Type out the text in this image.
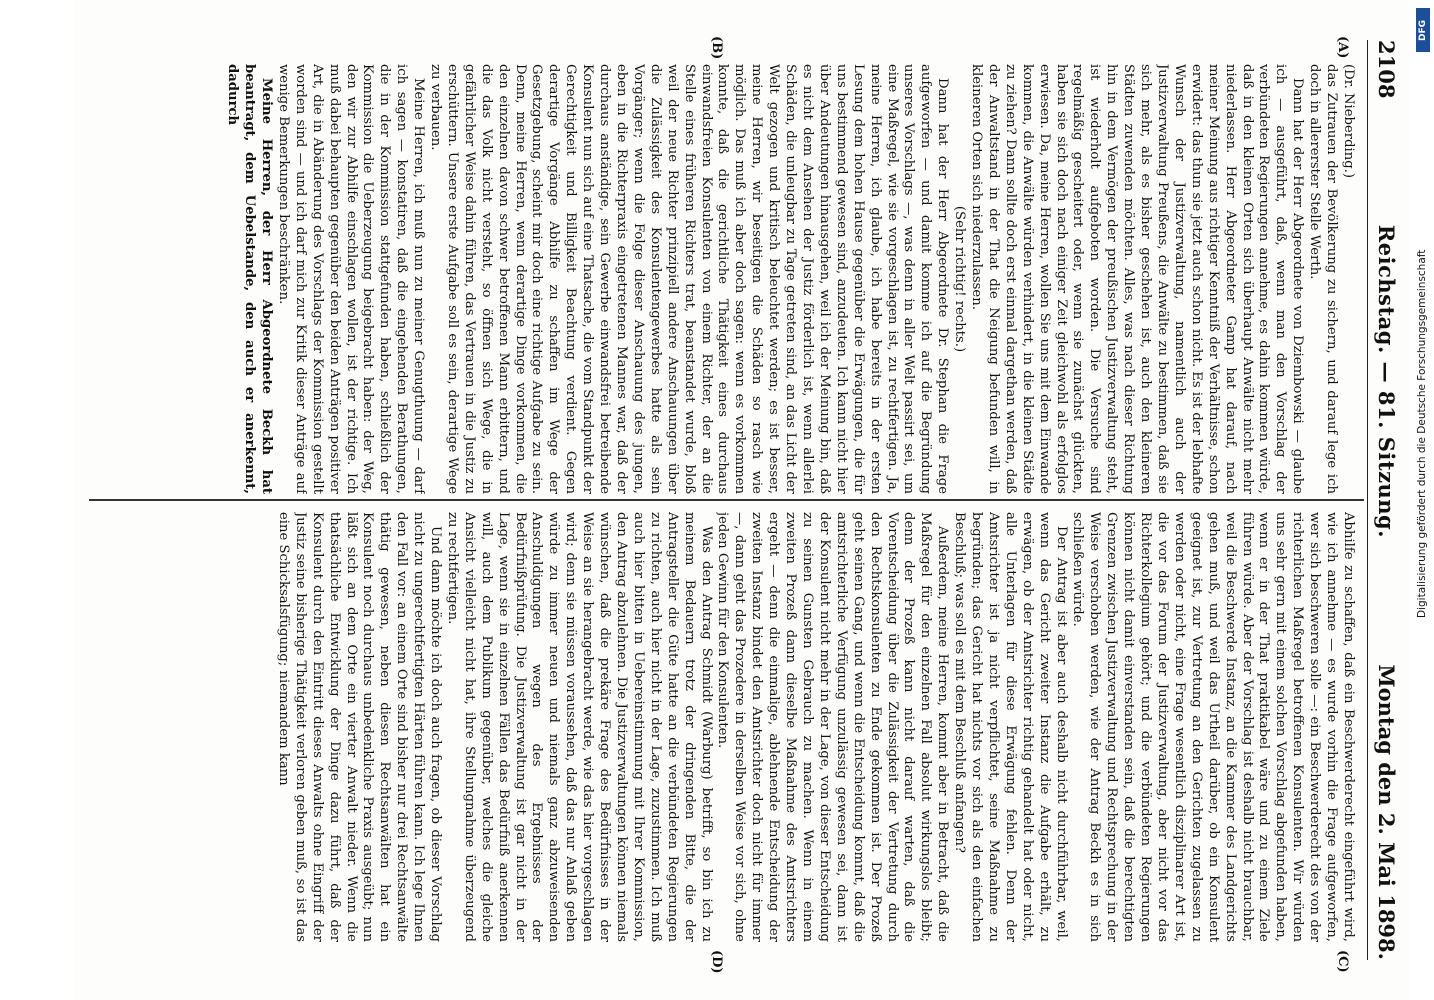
2108
Reichstag. — 81. Sitzung.
Montag den 2. Mai 1898.
(A)
(B)
(C)
(D)

(Dr. Nieberding.)

das Zutrauen der Bevölkerung zu sichern, und darauf lege ich doch in allererster Stelle Werth.

Dann hat der Herr Abgeordnete von Dziembowski — glaube ich — ausgeführt, daß, wenn man den Vorschlag der verbündeten Regierungen annehme, es dahin kommen würde, daß in den kleinen Orten sich überhaupt Anwälte nicht mehr niederlassen. Herr Abgeordneter Gamp hat darauf, nach meiner Meinung aus richtiger Kenntniß der Verhältnisse, schon erwidert: das thun sie jetzt auch schon nicht. Es ist der lebhafte Wunsch der Justizverwaltung, namentlich auch der Justizverwaltung Preußens, die Anwälte zu bestimmen, daß sie sich mehr, als es bisher geschehen ist, auch den kleineren Städten zuwenden möchten. Alles, was nach dieser Richtung hin in dem Vermögen der preußischen Justizverwaltung steht, ist wiederholt aufgeboten worden. Die Versuche sind regelmäßig gescheitert oder, wenn sie zunächst glückten, haben sie sich doch nach einiger Zeit gleichwohl als erfolglos erwiesen. Da, meine Herren, wollen Sie uns mit dem Einwande kommen, die Anwälte würden verhindert, in die kleinen Städte zu ziehen? Dann sollte doch erst einmal dargethan werden, daß der Anwaltstand in der That die Neigung befunden will, in kleineren Orten sich niederzulassen.

(Sehr richtig! rechts.)

Dann hat der Herr Abgeordnete Dr. Stephan die Frage aufgeworfen — und damit komme ich auf die Begründung unseres Vorschlags —, was denn in aller Welt passirt sei, um eine Maßregel, wie sie vorgeschlagen ist, zu rechtfertigen. Ja, meine Herren, ich glaube, ich habe bereits in der ersten Lesung dem hohen Hause gegenüber die Erwägungen, die für uns bestimmend gewesen sind, anzudeuten. Ich kann nicht hier über Andeutungen hinausgehen, weil ich der Meinung bin, daß es nicht dem Ansehen der Justiz förderlich ist, wenn allerlei Schäden, die unleugbar zu Tage getreten sind, an das Licht der Welt gezogen und kritisch beleuchtet werden; es ist besser, meine Herren, wir beseitigen die Schäden so rasch wie möglich. Das muß ich aber doch sagen: wenn es vorkommen konnte, daß die gerichtliche Thätigkeit eines durchaus einwandsfreien Konsulenten von einem Richter, der an die Stelle eines früheren Richters trat, beanstandet wurde, bloß weil der neue Richter prinzipiell andere Anschauungen über die Zulässigkeit des Konsulentengewerbes hatte als sein Vorgänger; wenn die Folge dieser Anschauung des jungen, eben in die Richterpraxis eingetretenen Mannes war, daß der durchaus anständige, sein Gewerbe einwandsfrei betreibende Konsulent nun sich auf eine Thatsache, die vom Standpunkt der Gerechtigkeit und Billigkeit Beachtung verdient. Gegen derartige Vorgänge Abhilfe zu schaffen im Wege der Gesetzgebung, scheint mir doch eine richtige Aufgabe zu sein. Denn, meine Herren, wenn derartige Dinge vorkommen, die den einzelnen davon schwer betroffenen Mann erbittern, und die das Volk nicht versteht, so öffnen sich Wege, die in gefährlicher Weise dahin führen, das Vertrauen in die Justiz zu erschüttern. Unsere erste Aufgabe soll es sein, derartige Wege zu verbauen.

Meine Herren, ich muß nun zu meiner Genugthuung — darf ich sagen — konstatiren, daß die eingehenden Berathungen, die in der Kommission stattgefunden haben, schließlich der Kommission die Ueberzeugung beigebracht haben: der Weg, den wir zur Abhilfe einschlagen wollen, ist der richtige. Ich muß dabei behaupten gegenüber den beiden Anträgen positiver Art, die in Abänderung des Vorschlags der Kommission gestellt worden sind — und ich darf mich zur Kritik dieser Anträge auf wenige Bemerkungen beschränken.

Meine Herren, der Herr Abgeordnete Beckh hat beantragt, dem Uebelstande, den auch er anerkennt, dadurch

Abhilfe zu schaffen, daß ein Beschwerderecht eingeführt wird, wie ich annehme — es wurde vorhin die Frage aufgeworfen, wer sich beschweren solle —: ein Beschwerderecht des von der richterlichen Maßregel betroffenen Konsulenten. Wir würden uns sehr gern mit einem solchen Vorschlag abgefunden haben, wenn er in der That praktikabel wäre und zu einem Ziele führen würde. Aber der Vorschlag ist deshalb nicht brauchbar, weil die Beschwerde Instanz, an die Kammer des Landgerichts gehen muß, und weil das Urtheil darüber, ob ein Konsulent geeignet ist, zur Vertretung an den Gerichten zugelassen zu werden oder nicht, eine Frage wesentlich disziplinarer Art ist, die vor das Forum der Justizverwaltung, aber nicht vor das Richterkollegium gehört; und die verbündeten Regierungen können nicht damit einverstanden sein, daß die berechtigten Grenzen zwischen Justizverwaltung und Rechtsprechung in der Weise verschoben werden, wie der Antrag Beckh es in sich schließen würde.

Der Antrag ist aber auch deshalb nicht durchführbar, weil, wenn das Gericht zweiter Instanz die Aufgabe erhält, zu erwägen, ob der Amtsrichter richtig gehandelt hat oder nicht, alle Unterlagen für diese Erwägung fehlen. Denn der Amtsrichter ist ja nicht verpflichtet, seine Maßnahme zu begründen; das Gericht hat nichts vor sich als den einfachen Beschluß; was soll es mit dem Beschluß anfangen?

Außerdem, meine Herren, kommt aber in Betracht, daß die Maßregel für den einzelnen Fall absolut wirkungslos bleibt; denn der Prozeß kann nicht darauf warten, daß die Vorentscheidung über die Zulässigkeit der Vertretung durch den Rechtskonsulenten zu Ende gekommen ist. Der Prozeß geht seinen Gang, und wenn die Entscheidung kommt, daß die amtsrichterliche Verfügung unzulässig gewesen sei, dann ist der Konsulent nicht mehr in der Lage, von dieser Entscheidung zu seinen Gunsten Gebrauch zu machen. Wenn in einem zweiten Prozeß dann dieselbe Maßnahme des Amtsrichters ergeht — denn die einmalige, ablehnende Entscheidung der zweiten Instanz bindet den Amtsrichter doch nicht für immer —, dann geht das Prozedere in derselben Weise vor sich, ohne jeden Gewinn für den Konsulenten.

Was den Antrag Schmidt (Warburg) betrifft, so bin ich zu meinem Bedauern trotz der dringenden Bitte, die der Antragsteller die Güte hatte an die verbündeten Regierungen zu richten, auch hier nicht in der Lage, zuzustimmen. Ich muß auch hier bitten in Uebereinstimmung mit Ihrer Kommission, den Antrag abzulehnen. Die Justizverwaltungen können niemals wünschen, daß die prekäre Frage des Bedürfnisses in der Weise an sie herangebracht werde, wie das hier vorgeschlagen wird; denn sie müssen voraussehen, daß das nur Anlaß geben würde zu immer neuen und niemals ganz abzuweisenden Anschuldigungen wegen des Ergebnisses der Bedürfnißprüfung. Die Justizverwaltung ist gar nicht in der Lage, wenn sie in einzelnen Fällen das Bedürfniß anerkennen will, auch dem Publikum gegenüber, welches die gleiche Ansicht vielleicht nicht hat, ihre Stellungnahme überzeugend zu rechtfertigen.

Und dann möchte ich doch auch fragen, ob dieser Vorschlag nicht zu ungerechtfertigten Härten führen kann. Ich lege Ihnen den Fall vor: an einem Orte sind bisher nur drei Rechtsanwälte thätig gewesen, neben diesen Rechtsanwälten hat ein Konsulent noch durchaus unbedenkliche Praxis ausgeübt; nun läßt sich an dem Orte ein vierter Anwalt nieder. Wenn die thatsächliche Entwicklung der Dinge dazu führt, daß der Konsulent durch den Eintritt dieses Anwalts ohne Eingriff der Justiz seine bisherige Thätigkeit verloren geben muß, so ist das eine Schicksalsfügung; niemandem kann

DFG
Digitalisierung gefördert durch die Deutsche Forschungsgemeinschaft
